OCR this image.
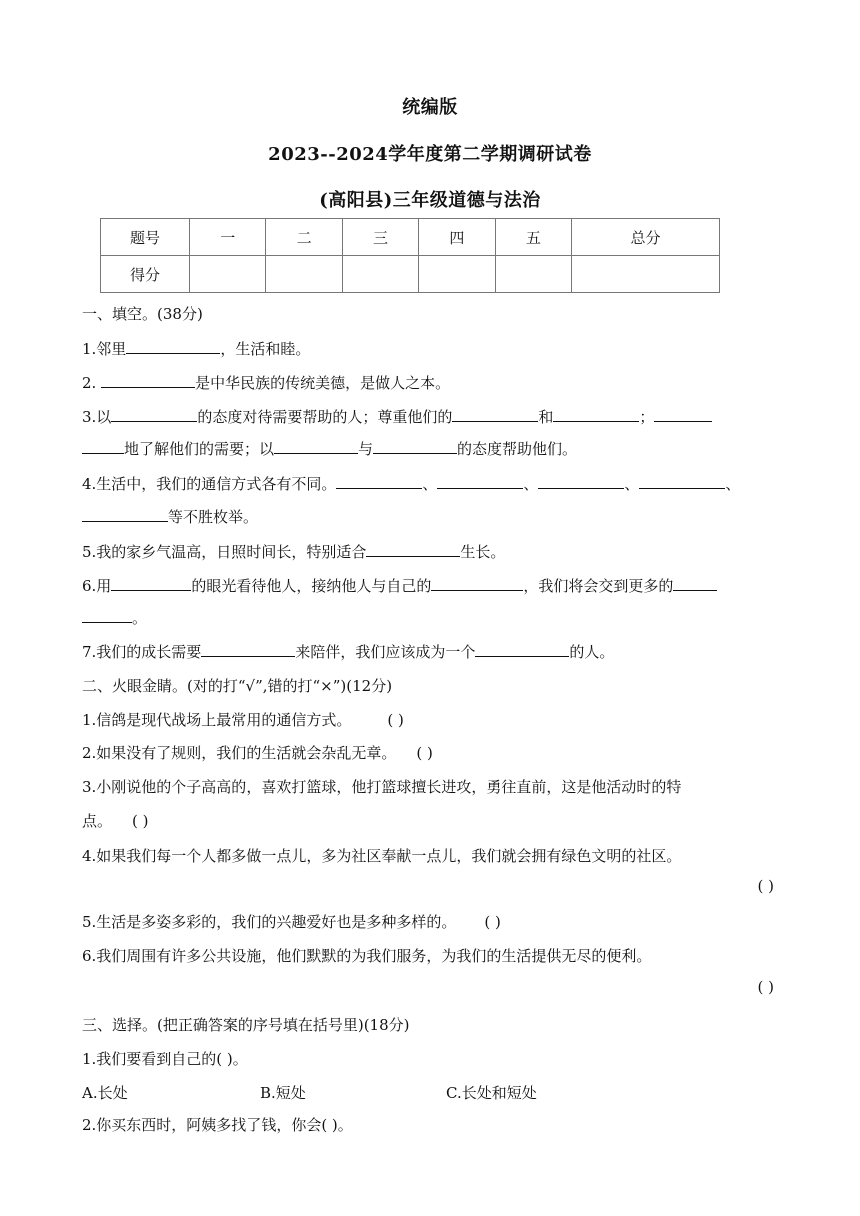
统编版
2023--2024学年度第二学期调研试卷
(高阳县)三年级道德与法治
题号	一	二	三	四	五	总分
得分						
一、填空。(38分)
1.邻里	，生活和睦。
2.	是中华民族的传统美德，是做人之本。
3.以	的态度对待需要帮助的人；尊重他们的	和	；
地了解他们的需要；以	与	的态度帮助他们。
4.生活中，我们的通信方式各有不同。	、	、	、	、
等不胜枚举。
5.我的家乡气温高，日照时间长，特别适合	生长。
6.用	的眼光看待他人，接纳他人与自己的	，我们将会交到更多的
。
7.我们的成长需要	来陪伴，我们应该成为一个	的人。
二、火眼金睛。(对的打“√”,错的打“×”)(12分)
1.信鸽是现代战场上最常用的通信方式。 ( )
2.如果没有了规则，我们的生活就会杂乱无章。 ( )
3.小刚说他的个子高高的，喜欢打篮球，他打篮球擅长进攻，勇往直前，这是他活动时的特
点。 ( )
4.如果我们每一个人都多做一点儿，多为社区奉献一点儿，我们就会拥有绿色文明的社区。
( )
5.生活是多姿多彩的，我们的兴趣爱好也是多种多样的。 ( )
6.我们周围有许多公共设施，他们默默的为我们服务，为我们的生活提供无尽的便利。
( )
三、选择。(把正确答案的序号填在括号里)(18分)
1.我们要看到自己的( )。
A.长处	B.短处	C.长处和短处
2.你买东西时，阿姨多找了钱，你会( )。
